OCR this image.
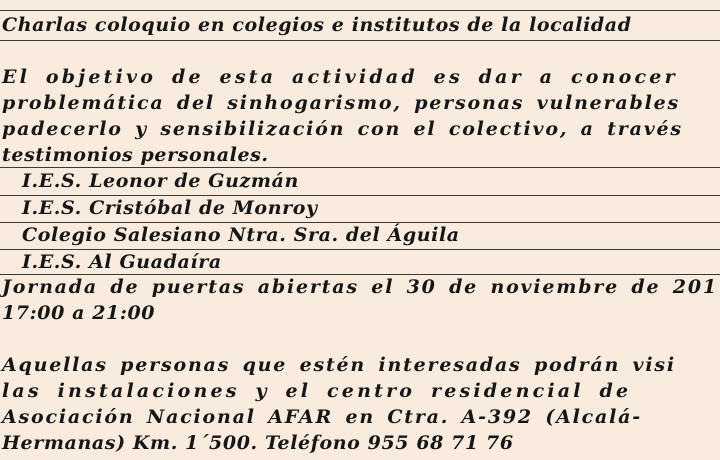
Charlas coloquio en colegios e institutos de la localidad
El objetivo de esta actividad es dar a conocer
problemática del sinhogarismo, personas vulnerables
padecerlo y sensibilización con el colectivo, a través
testimonios personales.
I.E.S. Leonor de Guzmán
I.E.S. Cristóbal de Monroy
Colegio Salesiano Ntra. Sra. del Águila
I.E.S. Al Guadaíra
Jornada de puertas abiertas el 30 de noviembre de 201
17:00 a 21:00
Aquellas personas que estén interesadas podrán visi
las instalaciones y el centro residencial de
Asociación Nacional AFAR en Ctra. A-392 (Alcalá-
Hermanas) Km. 1´500. Teléfono 955 68 71 76
